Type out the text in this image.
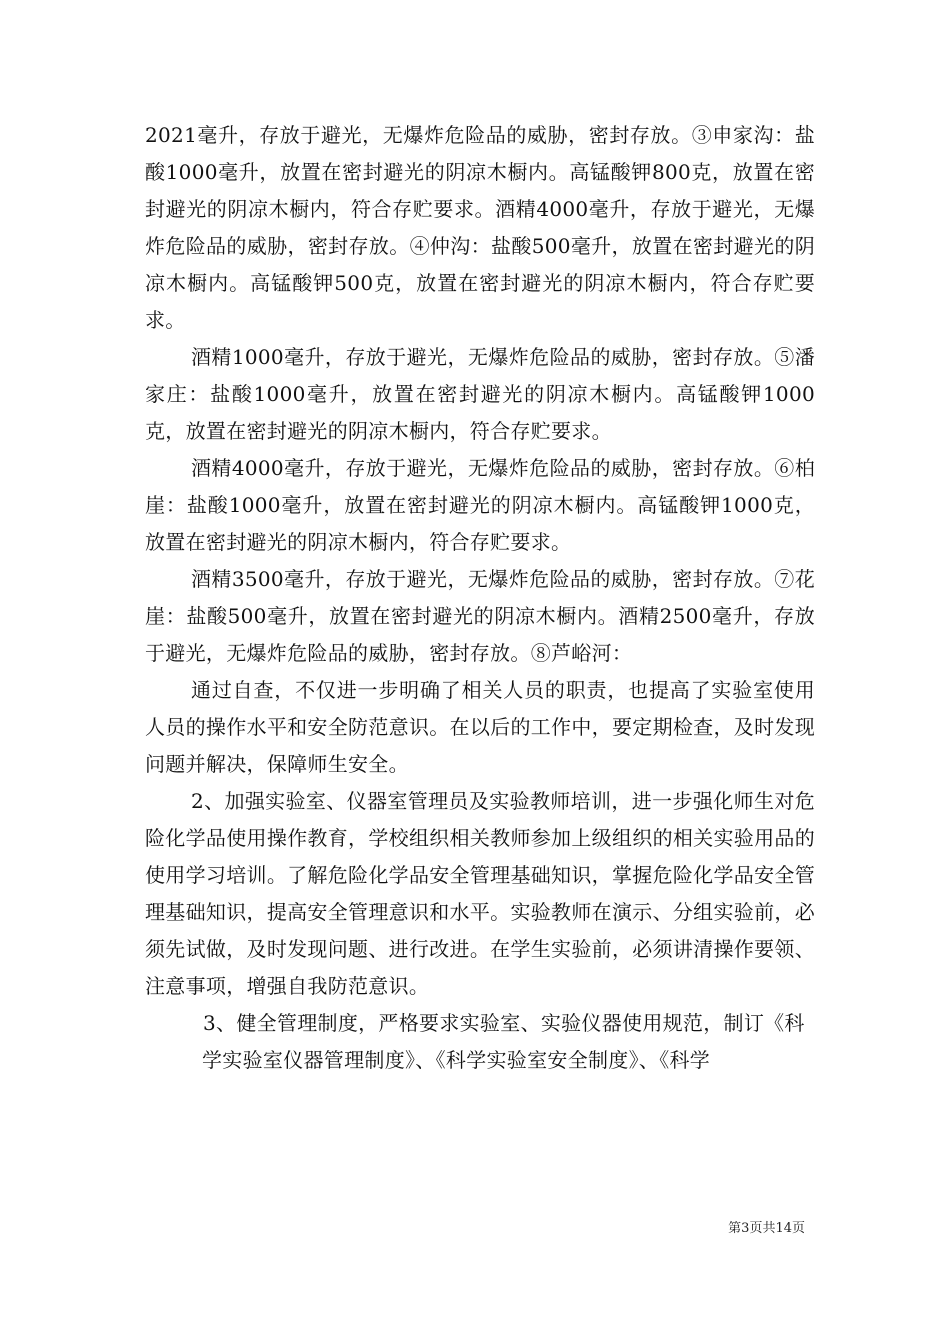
2021毫升，存放于避光，无爆炸危险品的威胁，密封存放。③申家沟：盐酸1000毫升，放置在密封避光的阴凉木橱内。高锰酸钾800克，放置在密封避光的阴凉木橱内，符合存贮要求。酒精4000毫升，存放于避光，无爆炸危险品的威胁，密封存放。④仲沟：盐酸500毫升，放置在密封避光的阴凉木橱内。高锰酸钾500克，放置在密封避光的阴凉木橱内，符合存贮要求。

酒精1000毫升，存放于避光，无爆炸危险品的威胁，密封存放。⑤潘家庄：盐酸1000毫升，放置在密封避光的阴凉木橱内。高锰酸钾1000克，放置在密封避光的阴凉木橱内，符合存贮要求。

酒精4000毫升，存放于避光，无爆炸危险品的威胁，密封存放。⑥柏崖：盐酸1000毫升，放置在密封避光的阴凉木橱内。高锰酸钾1000克，放置在密封避光的阴凉木橱内，符合存贮要求。

酒精3500毫升，存放于避光，无爆炸危险品的威胁，密封存放。⑦花崖：盐酸500毫升，放置在密封避光的阴凉木橱内。酒精2500毫升，存放于避光，无爆炸危险品的威胁，密封存放。⑧芦峪河：

通过自查，不仅进一步明确了相关人员的职责，也提高了实验室使用人员的操作水平和安全防范意识。在以后的工作中，要定期检查，及时发现问题并解决，保障师生安全。

2、加强实验室、仪器室管理员及实验教师培训，进一步强化师生对危险化学品使用操作教育，学校组织相关教师参加上级组织的相关实验用品的使用学习培训。了解危险化学品安全管理基础知识，掌握危险化学品安全管理基础知识，提高安全管理意识和水平。实验教师在演示、分组实验前，必须先试做，及时发现问题、进行改进。在学生实验前，必须讲清操作要领、注意事项，增强自我防范意识。

3、健全管理制度，严格要求实验室、实验仪器使用规范，制订《科

学实验室仪器管理制度》、《科学实验室安全制度》、《科学

第3页共14页
